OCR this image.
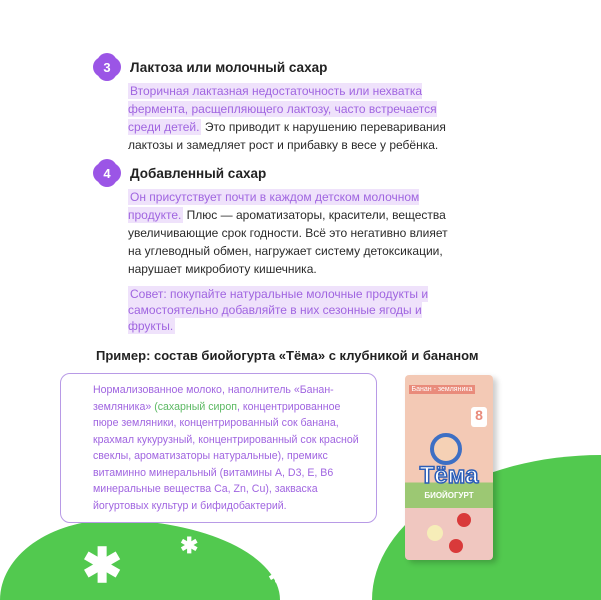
✱	✱
✱
3	Лактоза или молочный сахар
Вторичная лактазная недостаточность или нехватка фермента, расщепляющего лактозу, часто встречается среди детей. Это приводит к нарушению переваривания лактозы и замедляет рост и прибавку в весе у ребёнка.
4	Добавленный сахар
Он присутствует почти в каждом детском молочном продукте. Плюс — ароматизаторы, красители, вещества увеличивающие срок годности. Всё это негативно влияет на углеводный обмен, нагружает систему детоксикации, нарушает микробиоту кишечника.
Совет: покупайте натуральные молочные продукты и самостоятельно добавляйте в них сезонные ягоды и фрукты.
Пример: состав биойогурта «Тёма» с клубникой и бананом
Нормализованное молоко, наполнитель «Банан-земляника» (сахарный сироп, концентрированное пюре земляники, концентрированный сок банана, крахмал кукурузный, концентрированный сок красной свеклы, ароматизаторы натуральные), премикс витаминно минеральный (витамины A, D3, E, B6 минеральные вещества Ca, Zn, Cu), закваска йогуртовых культур и бифидобактерий.
Банан - земляника
8
Тёма
БИОЙОГУРТ
